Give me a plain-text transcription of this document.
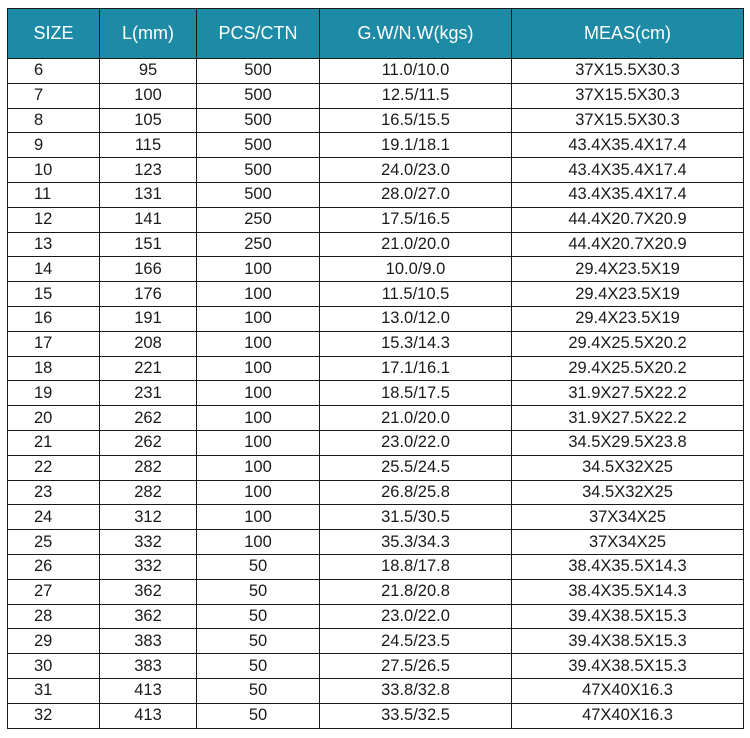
SIZE	L(mm)	PCS/CTN	G.W/N.W(kgs)	MEAS(cm)
6	95	500	11.0/10.0	37X15.5X30.3
7	100	500	12.5/11.5	37X15.5X30.3
8	105	500	16.5/15.5	37X15.5X30.3
9	115	500	19.1/18.1	43.4X35.4X17.4
10	123	500	24.0/23.0	43.4X35.4X17.4
11	131	500	28.0/27.0	43.4X35.4X17.4
12	141	250	17.5/16.5	44.4X20.7X20.9
13	151	250	21.0/20.0	44.4X20.7X20.9
14	166	100	10.0/9.0	29.4X23.5X19
15	176	100	11.5/10.5	29.4X23.5X19
16	191	100	13.0/12.0	29.4X23.5X19
17	208	100	15.3/14.3	29.4X25.5X20.2
18	221	100	17.1/16.1	29.4X25.5X20.2
19	231	100	18.5/17.5	31.9X27.5X22.2
20	262	100	21.0/20.0	31.9X27.5X22.2
21	262	100	23.0/22.0	34.5X29.5X23.8
22	282	100	25.5/24.5	34.5X32X25
23	282	100	26.8/25.8	34.5X32X25
24	312	100	31.5/30.5	37X34X25
25	332	100	35.3/34.3	37X34X25
26	332	50	18.8/17.8	38.4X35.5X14.3
27	362	50	21.8/20.8	38.4X35.5X14.3
28	362	50	23.0/22.0	39.4X38.5X15.3
29	383	50	24.5/23.5	39.4X38.5X15.3
30	383	50	27.5/26.5	39.4X38.5X15.3
31	413	50	33.8/32.8	47X40X16.3
32	413	50	33.5/32.5	47X40X16.3
